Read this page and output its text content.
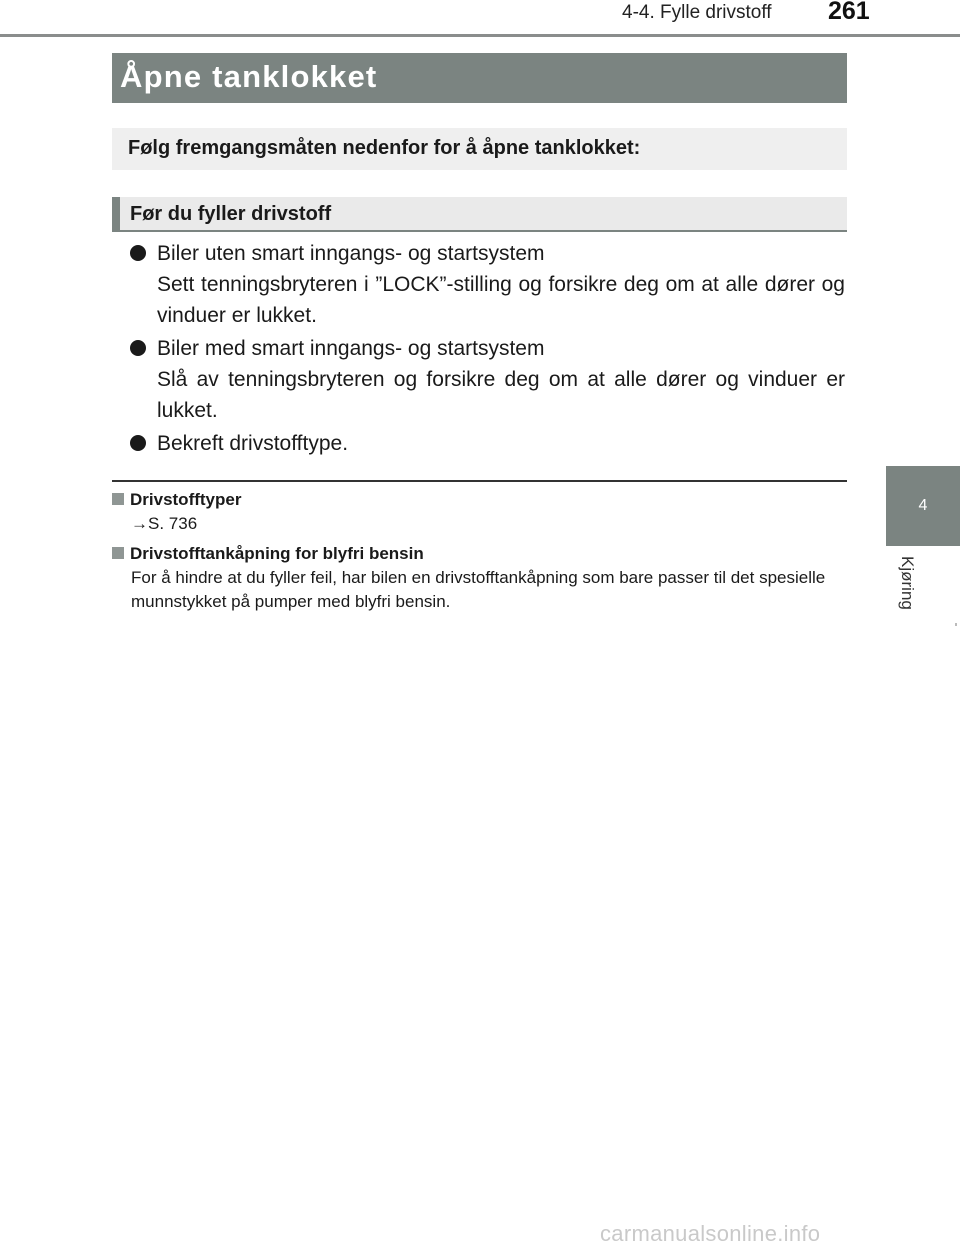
4-4. Fylle drivstoff 261
4
Kjøring
Åpne tanklokket
Følg fremgangsmåten nedenfor for å åpne tanklokket:
Før du fyller drivstoff
Biler uten smart inngangs- og startsystem
Sett tenningsbryteren i ”LOCK”-stilling og forsikre deg om at alle dører og vinduer er lukket.
Biler med smart inngangs- og startsystem
Slå av tenningsbryteren og forsikre deg om at alle dører og vinduer er lukket.
Bekreft drivstofftype.
Drivstofftyper
→S. 736
Drivstofftankåpning for blyfri bensin
For å hindre at du fyller feil, har bilen en drivstofftankåpning som bare passer til det spesielle munnstykket på pumper med blyfri bensin.
carmanualsonline.info
